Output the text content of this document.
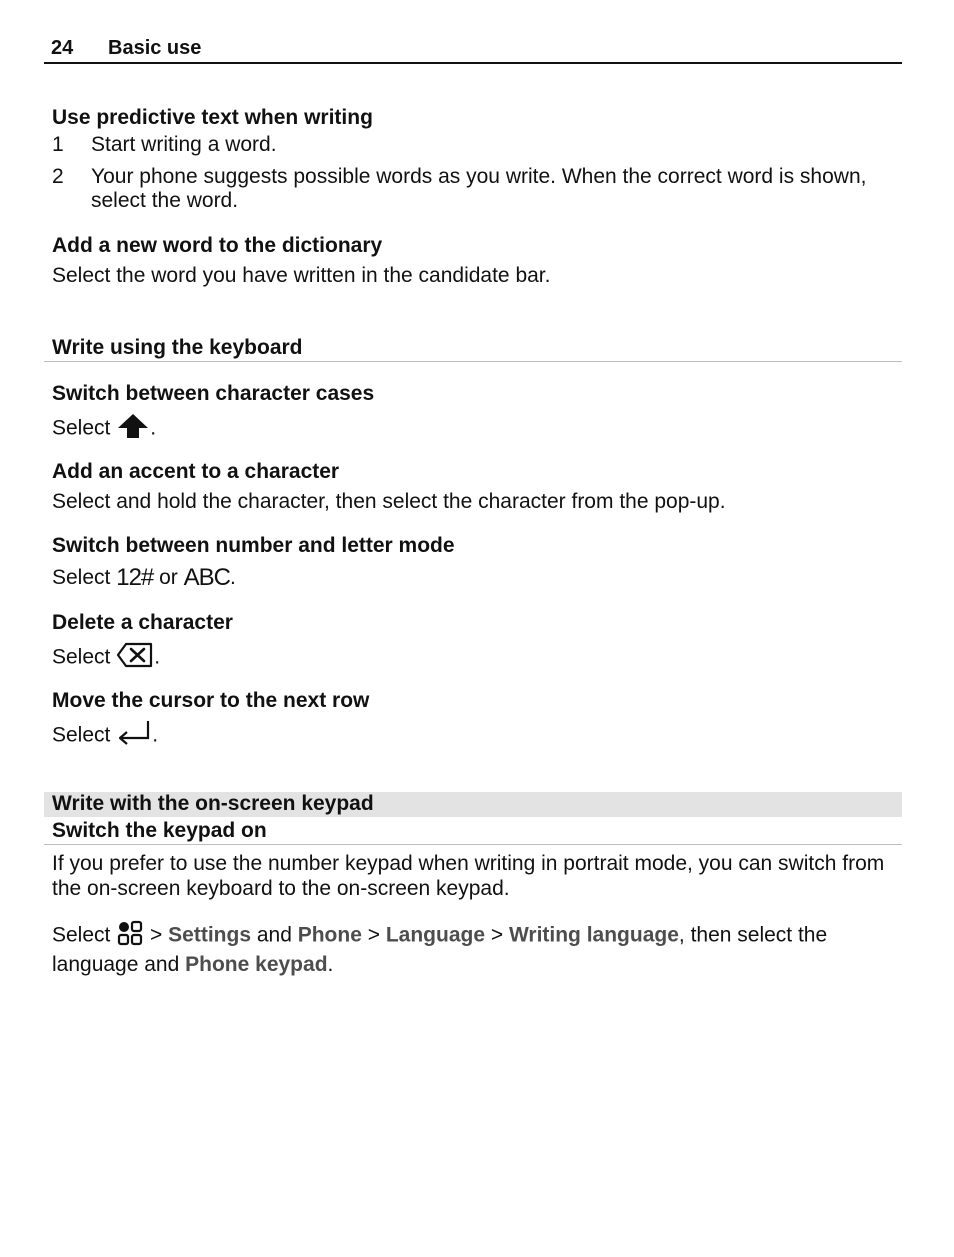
24 Basic use
Use predictive text when writing
1 Start writing a word.
2 Your phone suggests possible words as you write. When the correct word is shown, select the word.
Add a new word to the dictionary
Select the word you have written in the candidate bar.
Write using the keyboard
Switch between character cases
Select .
Add an accent to a character
Select and hold the character, then select the character from the pop-up.
Switch between number and letter mode
Select 12# or ABC.
Delete a character
Select .
Move the cursor to the next row
Select .
Write with the on-screen keypad
Switch the keypad on
If you prefer to use the number keypad when writing in portrait mode, you can switch from the on-screen keyboard to the on-screen keypad.
Select  > Settings and Phone > Language > Writing language, then select the language and Phone keypad.
